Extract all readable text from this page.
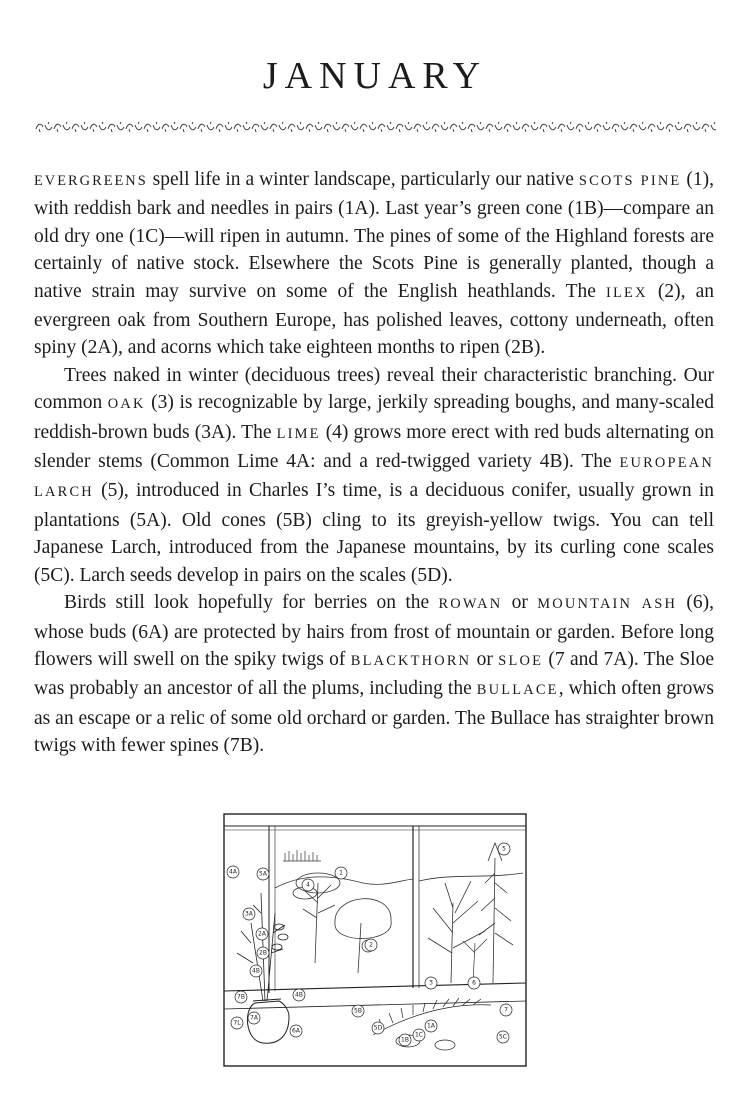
JANUARY

EVERGREENS spell life in a winter landscape, particularly our native SCOTS PINE (1), with reddish bark and needles in pairs (1A). Last year’s green cone (1B)—compare an old dry one (1C)—will ripen in autumn. The pines of some of the Highland forests are certainly of native stock. Elsewhere the Scots Pine is generally planted, though a native strain may survive on some of the English heathlands. The ILEX (2), an evergreen oak from Southern Europe, has polished leaves, cottony underneath, often spiny (2A), and acorns which take eighteen months to ripen (2B).

Trees naked in winter (deciduous trees) reveal their characteristic branching. Our common OAK (3) is recognizable by large, jerkily spreading boughs, and many-scaled reddish-brown buds (3A). The LIME (4) grows more erect with red buds alternating on slender stems (Common Lime 4A: and a red-twigged variety 4B). The EUROPEAN LARCH (5), introduced in Charles I’s time, is a deciduous conifer, usually grown in plantations (5A). Old cones (5B) cling to its greyish-yellow twigs. You can tell Japanese Larch, introduced from the Japanese mountains, by its curling cone scales (5C). Larch seeds develop in pairs on the scales (5D).

Birds still look hopefully for berries on the ROWAN or MOUNTAIN ASH (6), whose buds (6A) are protected by hairs from frost of mountain or garden. Before long flowers will swell on the spiky twigs of BLACKTHORN or SLOE (7 and 7A). The Sloe was probably an ancestor of all the plums, including the BULLACE, which often grows as an escape or a relic of some old orchard or garden. The Bullace has straighter brown twigs with fewer spines (7B).

4A	5A	1
4
5
3A
2A
2B
4B
7A
2
3	6
7
4B
7B
5B
5D
1B
1C
1A
5C
6A
7L
